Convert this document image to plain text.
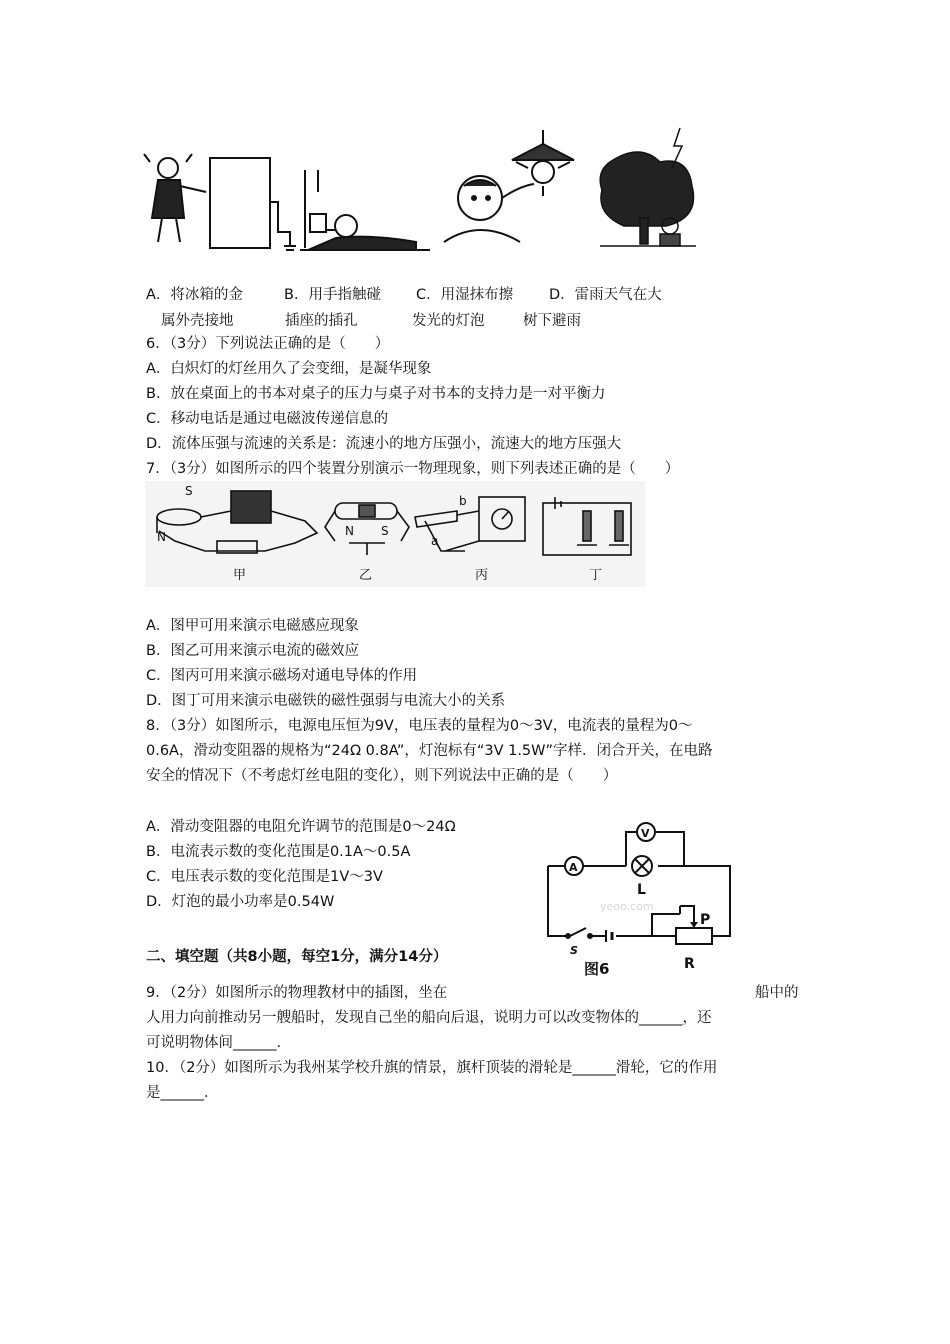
A．将冰箱的金	B．用手指触碰 C．用湿抹布擦 D．雷雨天气在大
属外壳接地	插座的插孔	发光的灯泡	树下避雨
6．（3分）下列说法正确的是（　　）
A．白炽灯的灯丝用久了会变细，是凝华现象
B．放在桌面上的书本对桌子的压力与桌子对书本的支持力是一对平衡力
C．移动电话是通过电磁波传递信息的
D．流体压强与流速的关系是：流速小的地方压强小，流速大的地方压强大
7．（3分）如图所示的四个装置分别演示一物理现象，则下列表述正确的是（　　）
S
N	N S
a
b
甲	乙	丙	丁
A．图甲可用来演示电磁感应现象
B．图乙可用来演示电流的磁效应
C．图丙可用来演示磁场对通电导体的作用
D．图丁可用来演示电磁铁的磁性强弱与电流大小的关系
8．（3分）如图所示，电源电压恒为9V，电压表的量程为0～3V，电流表的量程为0～
0.6A，滑动变阻器的规格为“24Ω 0.8A”，灯泡标有“3V 1.5W”字样．闭合开关，在电路
安全的情况下（不考虑灯丝电阻的变化），则下列说法中正确的是（　　）
A．滑动变阻器的电阻允许调节的范围是0～24Ω
B．电流表示数的变化范围是0.1A～0.5A
C．电压表示数的变化范围是1V～3V
D．灯泡的最小功率是0.54W
A
V
L
P
R
S
图6
yeoo.com
二、填空题（共8小题，每空1分，满分14分）
9．（2分）如图所示的物理教材中的插图，坐在	船中的
人用力向前推动另一艘船时，发现自己坐的船向后退，说明力可以改变物体的______，还
可说明物体间______．
10．（2分）如图所示为我州某学校升旗的情景，旗杆顶装的滑轮是______滑轮，它的作用
是______．
